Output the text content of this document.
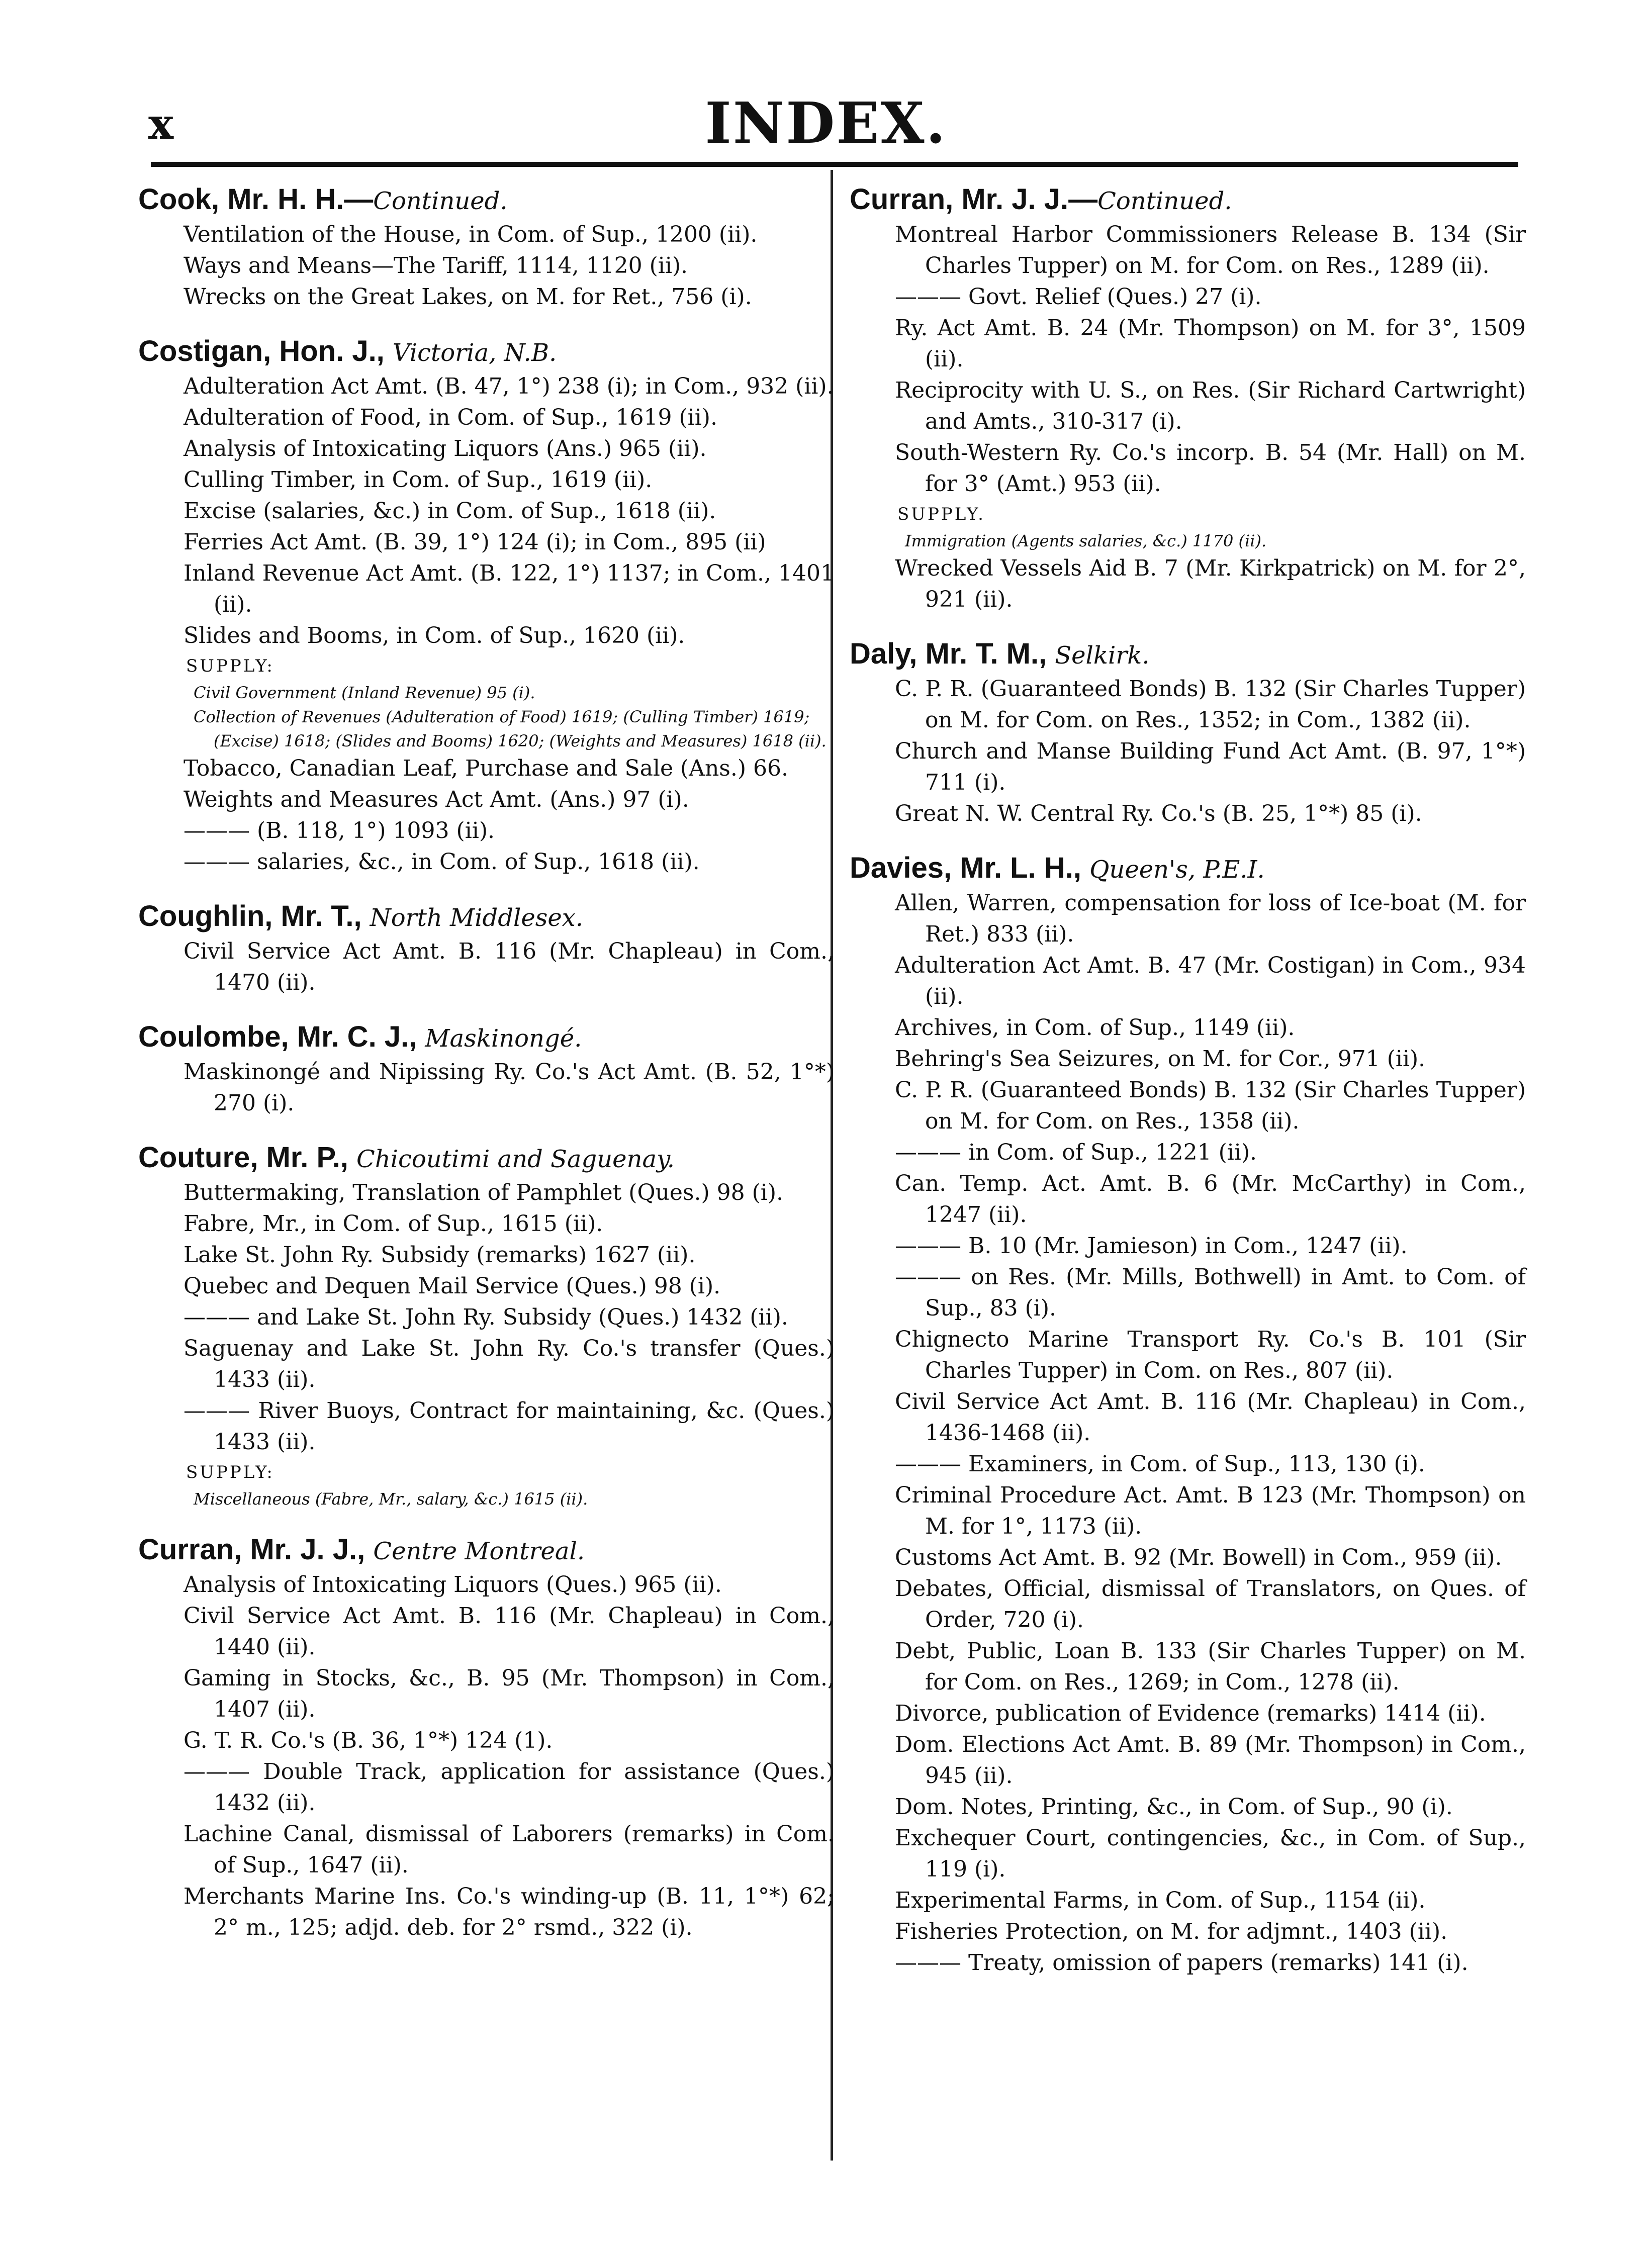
x	INDEX.
Cook, Mr. H. H.—Continued.
Ventilation of the House, in Com. of Sup., 1200 (ii).
Ways and Means—The Tariff, 1114, 1120 (ii).
Wrecks on the Great Lakes, on M. for Ret., 756 (i).
Costigan, Hon. J., Victoria, N.B.
Adulteration Act Amt. (B. 47, 1°) 238 (i); in Com., 932 (ii).
Adulteration of Food, in Com. of Sup., 1619 (ii).
Analysis of Intoxicating Liquors (Ans.) 965 (ii).
Culling Timber, in Com. of Sup., 1619 (ii).
Excise (salaries, &c.) in Com. of Sup., 1618 (ii).
Ferries Act Amt. (B. 39, 1°) 124 (i); in Com., 895 (ii)
Inland Revenue Act Amt. (B. 122, 1°) 1137; in Com., 1401 (ii).
Slides and Booms, in Com. of Sup., 1620 (ii).
SUPPLY:
Civil Government (Inland Revenue) 95 (i).
Collection of Revenues (Adulteration of Food) 1619; (Culling Timber) 1619; (Excise) 1618; (Slides and Booms) 1620; (Weights and Measures) 1618 (ii).
Tobacco, Canadian Leaf, Purchase and Sale (Ans.) 66.
Weights and Measures Act Amt. (Ans.) 97 (i).
——— (B. 118, 1°) 1093 (ii).
——— salaries, &c., in Com. of Sup., 1618 (ii).
Coughlin, Mr. T., North Middlesex.
Civil Service Act Amt. B. 116 (Mr. Chapleau) in Com., 1470 (ii).
Coulombe, Mr. C. J., Maskinongé.
Maskinongé and Nipissing Ry. Co.'s Act Amt. (B. 52, 1°*) 270 (i).
Couture, Mr. P., Chicoutimi and Saguenay.
Buttermaking, Translation of Pamphlet (Ques.) 98 (i).
Fabre, Mr., in Com. of Sup., 1615 (ii).
Lake St. John Ry. Subsidy (remarks) 1627 (ii).
Quebec and Dequen Mail Service (Ques.) 98 (i).
——— and Lake St. John Ry. Subsidy (Ques.) 1432 (ii).
Saguenay and Lake St. John Ry. Co.'s transfer (Ques.) 1433 (ii).
——— River Buoys, Contract for maintaining, &c. (Ques.) 1433 (ii).
SUPPLY:
Miscellaneous (Fabre, Mr., salary, &c.) 1615 (ii).
Curran, Mr. J. J., Centre Montreal.
Analysis of Intoxicating Liquors (Ques.) 965 (ii).
Civil Service Act Amt. B. 116 (Mr. Chapleau) in Com., 1440 (ii).
Gaming in Stocks, &c., B. 95 (Mr. Thompson) in Com., 1407 (ii).
G. T. R. Co.'s (B. 36, 1°*) 124 (1).
——— Double Track, application for assistance (Ques.) 1432 (ii).
Lachine Canal, dismissal of Laborers (remarks) in Com. of Sup., 1647 (ii).
Merchants Marine Ins. Co.'s winding-up (B. 11, 1°*) 62; 2° m., 125; adjd. deb. for 2° rsmd., 322 (i).
Curran, Mr. J. J.—Continued.
Montreal Harbor Commissioners Release B. 134 (Sir Charles Tupper) on M. for Com. on Res., 1289 (ii).
——— Govt. Relief (Ques.) 27 (i).
Ry. Act Amt. B. 24 (Mr. Thompson) on M. for 3°, 1509 (ii).
Reciprocity with U. S., on Res. (Sir Richard Cartwright) and Amts., 310-317 (i).
South-Western Ry. Co.'s incorp. B. 54 (Mr. Hall) on M. for 3° (Amt.) 953 (ii).
SUPPLY.
Immigration (Agents salaries, &c.) 1170 (ii).
Wrecked Vessels Aid B. 7 (Mr. Kirkpatrick) on M. for 2°, 921 (ii).
Daly, Mr. T. M., Selkirk.
C. P. R. (Guaranteed Bonds) B. 132 (Sir Charles Tupper) on M. for Com. on Res., 1352; in Com., 1382 (ii).
Church and Manse Building Fund Act Amt. (B. 97, 1°*) 711 (i).
Great N. W. Central Ry. Co.'s (B. 25, 1°*) 85 (i).
Davies, Mr. L. H., Queen's, P.E.I.
Allen, Warren, compensation for loss of Ice-boat (M. for Ret.) 833 (ii).
Adulteration Act Amt. B. 47 (Mr. Costigan) in Com., 934 (ii).
Archives, in Com. of Sup., 1149 (ii).
Behring's Sea Seizures, on M. for Cor., 971 (ii).
C. P. R. (Guaranteed Bonds) B. 132 (Sir Charles Tupper) on M. for Com. on Res., 1358 (ii).
——— in Com. of Sup., 1221 (ii).
Can. Temp. Act. Amt. B. 6 (Mr. McCarthy) in Com., 1247 (ii).
——— B. 10 (Mr. Jamieson) in Com., 1247 (ii).
——— on Res. (Mr. Mills, Bothwell) in Amt. to Com. of Sup., 83 (i).
Chignecto Marine Transport Ry. Co.'s B. 101 (Sir Charles Tupper) in Com. on Res., 807 (ii).
Civil Service Act Amt. B. 116 (Mr. Chapleau) in Com., 1436-1468 (ii).
——— Examiners, in Com. of Sup., 113, 130 (i).
Criminal Procedure Act. Amt. B 123 (Mr. Thompson) on M. for 1°, 1173 (ii).
Customs Act Amt. B. 92 (Mr. Bowell) in Com., 959 (ii).
Debates, Official, dismissal of Translators, on Ques. of Order, 720 (i).
Debt, Public, Loan B. 133 (Sir Charles Tupper) on M. for Com. on Res., 1269; in Com., 1278 (ii).
Divorce, publication of Evidence (remarks) 1414 (ii).
Dom. Elections Act Amt. B. 89 (Mr. Thompson) in Com., 945 (ii).
Dom. Notes, Printing, &c., in Com. of Sup., 90 (i).
Exchequer Court, contingencies, &c., in Com. of Sup., 119 (i).
Experimental Farms, in Com. of Sup., 1154 (ii).
Fisheries Protection, on M. for adjmnt., 1403 (ii).
——— Treaty, omission of papers (remarks) 141 (i).
